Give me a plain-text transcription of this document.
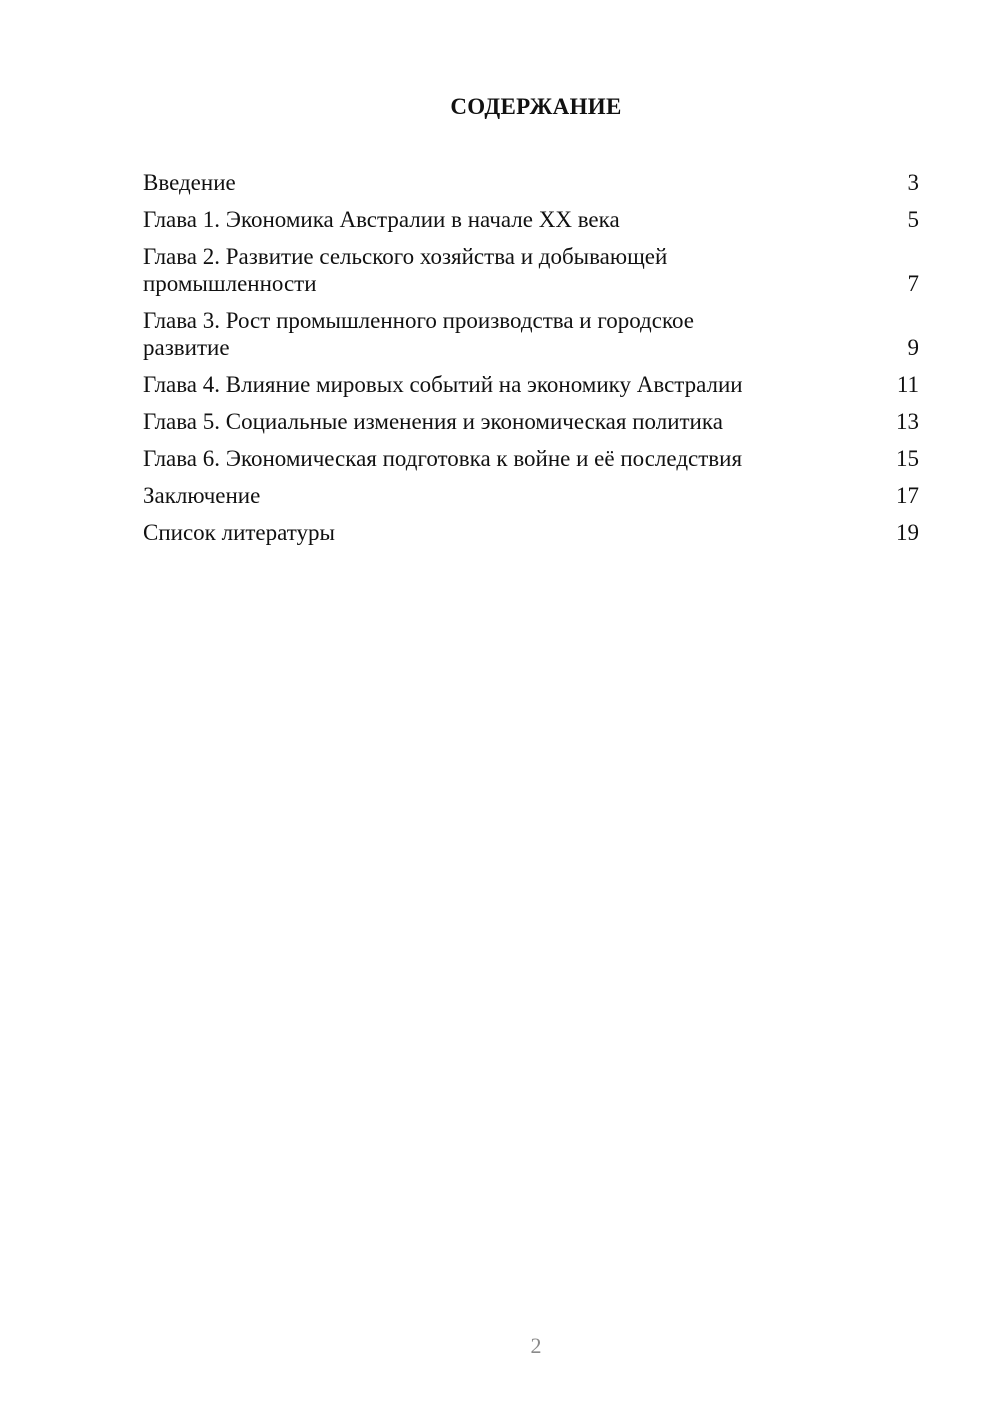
СОДЕРЖАНИЕ
Введение	3
Глава 1. Экономика Австралии в начале XX века	5
Глава 2. Развитие сельского хозяйства и добывающей промышленности	7
Глава 3. Рост промышленного производства и городское развитие	9
Глава 4. Влияние мировых событий на экономику Австралии	11
Глава 5. Социальные изменения и экономическая политика	13
Глава 6. Экономическая подготовка к войне и её последствия	15
Заключение	17
Список литературы	19
2
